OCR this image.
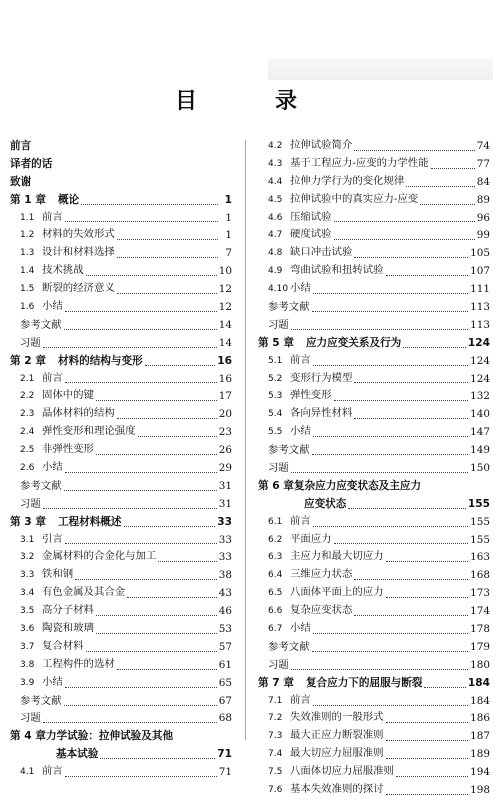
目　录
前言
译者的话
致谢
第 1 章 概论	1
1.1 前言	1
1.2 材料的失效形式	1
1.3 设计和材料选择	7
1.4 技术挑战	10
1.5 断裂的经济意义	12
1.6 小结	12
参考文献	14
习题	14
第 2 章 材料的结构与变形	16
2.1 前言	16
2.2 固体中的键	17
2.3 晶体材料的结构	20
2.4 弹性变形和理论强度	23
2.5 非弹性变形	26
2.6 小结	29
参考文献	31
习题	31
第 3 章 工程材料概述	33
3.1 引言	33
3.2 金属材料的合金化与加工	33
3.3 铁和钢	38
3.4 有色金属及其合金	43
3.5 高分子材料	46
3.6 陶瓷和玻璃	53
3.7 复合材料	57
3.8 工程构件的选材	61
3.9 小结	65
参考文献	67
习题	68
第 4 章力学试验：拉伸试验及其他
基本试验	71
4.1 前言	71
4.2 拉伸试验简介	74
4.3 基于工程应力-应变的力学性能	77
4.4 拉伸力学行为的变化规律	84
4.5 拉伸试验中的真实应力-应变	89
4.6 压缩试验	96
4.7 硬度试验	99
4.8 缺口冲击试验	105
4.9 弯曲试验和扭转试验	107
4.10 小结	111
参考文献	113
习题	113
第 5 章 应力应变关系及行为	124
5.1 前言	124
5.2 变形行为模型	124
5.3 弹性变形	132
5.4 各向异性材料	140
5.5 小结	147
参考文献	149
习题	150
第 6 章复杂应力应变状态及主应力
应变状态	155
6.1 前言	155
6.2 平面应力	155
6.3 主应力和最大切应力	163
6.4 三维应力状态	168
6.5 八面体平面上的应力	173
6.6 复杂应变状态	174
6.7 小结	178
参考文献	179
习题	180
第 7 章 复合应力下的屈服与断裂	184
7.1 前言	184
7.2 失效准则的一般形式	186
7.3 最大正应力断裂准则	187
7.4 最大切应力屈服准则	189
7.5 八面体切应力屈服准则	194
7.6 基本失效准则的探讨	198
